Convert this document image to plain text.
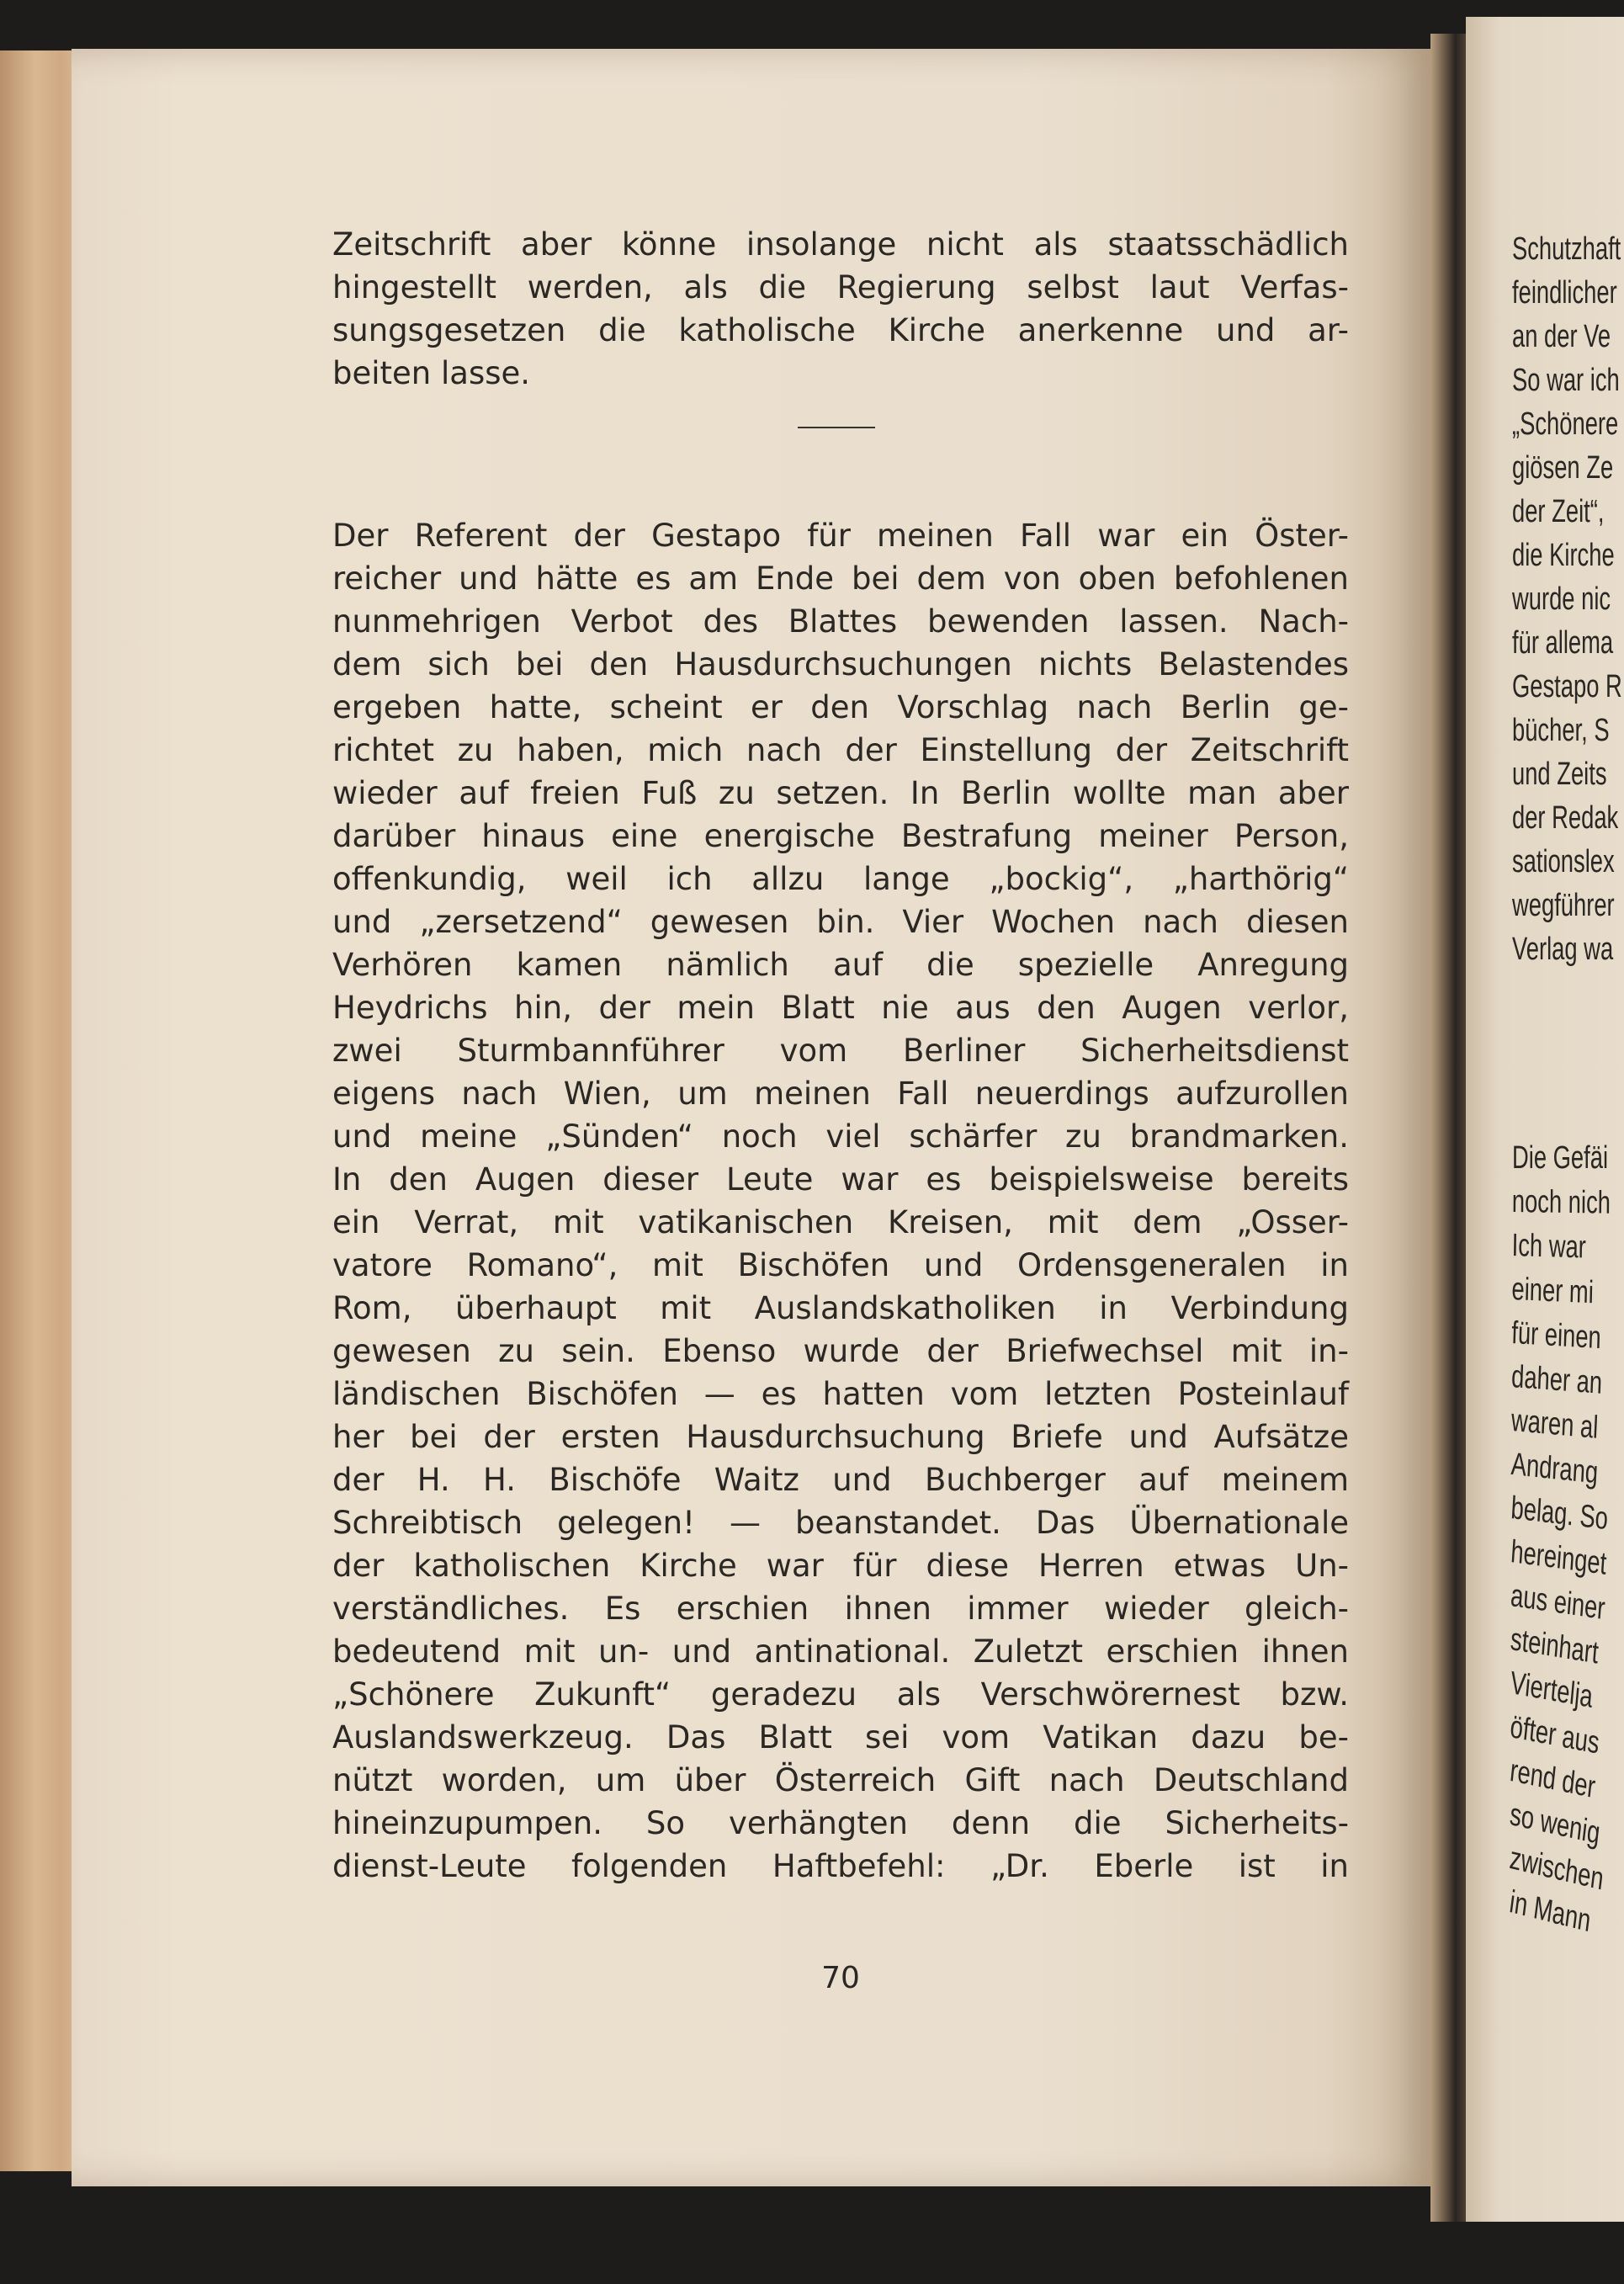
Zeitschrift aber könne insolange nicht als staatsschädlich
hingestellt werden, als die Regierung selbst laut Verfas-
sungsgesetzen die katholische Kirche anerkenne und ar-
beiten lasse.
Der Referent der Gestapo für meinen Fall war ein Öster-
reicher und hätte es am Ende bei dem von oben befohlenen
nunmehrigen Verbot des Blattes bewenden lassen. Nach-
dem sich bei den Hausdurchsuchungen nichts Belastendes
ergeben hatte, scheint er den Vorschlag nach Berlin ge-
richtet zu haben, mich nach der Einstellung der Zeitschrift
wieder auf freien Fuß zu setzen. In Berlin wollte man aber
darüber hinaus eine energische Bestrafung meiner Person,
offenkundig, weil ich allzu lange „bockig“, „harthörig“
und „zersetzend“ gewesen bin. Vier Wochen nach diesen
Verhören kamen nämlich auf die spezielle Anregung
Heydrichs hin, der mein Blatt nie aus den Augen verlor,
zwei Sturmbannführer vom Berliner Sicherheitsdienst
eigens nach Wien, um meinen Fall neuerdings aufzurollen
und meine „Sünden“ noch viel schärfer zu brandmarken.
In den Augen dieser Leute war es beispielsweise bereits
ein Verrat, mit vatikanischen Kreisen, mit dem „Osser-
vatore Romano“, mit Bischöfen und Ordensgeneralen in
Rom, überhaupt mit Auslandskatholiken in Verbindung
gewesen zu sein. Ebenso wurde der Briefwechsel mit in-
ländischen Bischöfen — es hatten vom letzten Posteinlauf
her bei der ersten Hausdurchsuchung Briefe und Aufsätze
der H. H. Bischöfe Waitz und Buchberger auf meinem
Schreibtisch gelegen! — beanstandet. Das Übernationale
der katholischen Kirche war für diese Herren etwas Un-
verständliches. Es erschien ihnen immer wieder gleich-
bedeutend mit un- und antinational. Zuletzt erschien ihnen
„Schönere Zukunft“ geradezu als Verschwörernest bzw.
Auslandswerkzeug. Das Blatt sei vom Vatikan dazu be-
nützt worden, um über Österreich Gift nach Deutschland
hineinzupumpen. So verhängten denn die Sicherheits-
dienst-Leute folgenden Haftbefehl: „Dr. Eberle ist in
70
Schutzhaft
feindlicher
an der Ve
So war ich
„Schönere
giösen Ze
der Zeit“,
die Kirche
wurde nic
für allema
Gestapo R
bücher, S
und Zeits
der Redak
sationslex
wegführer
Verlag wa
Die Gefäi
noch nich
Ich war
einer mi
für einen
daher an
waren al
Andrang
belag. So
hereinget
aus einer
steinhart
Viertelja
öfter aus
rend der
so wenig
zwischen
in Mann
